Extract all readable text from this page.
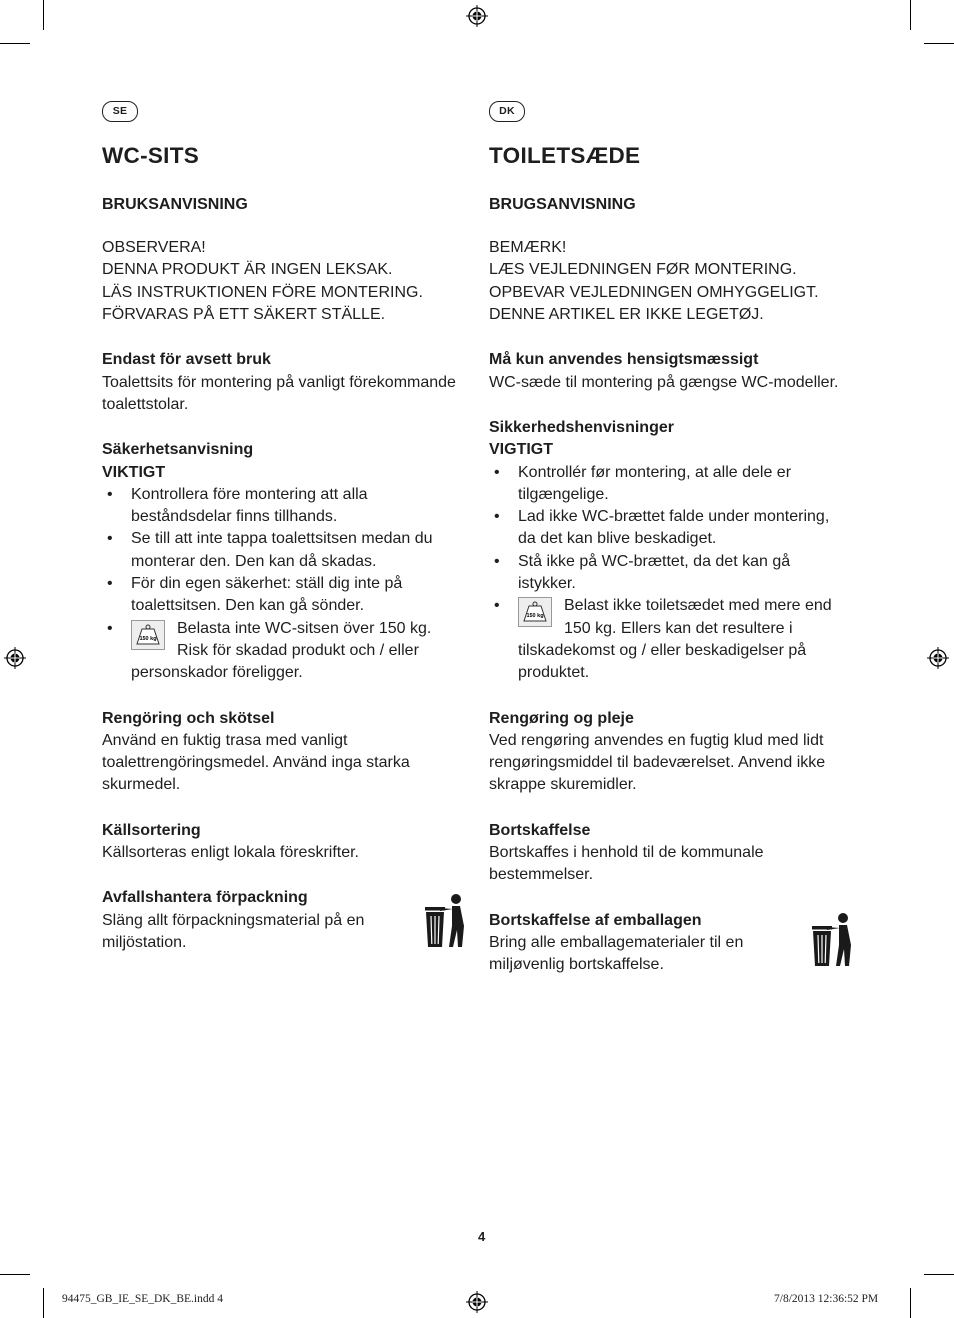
SE
WC-SITS
BRUKSANVISNING
OBSERVERA!
DENNA PRODUKT ÄR INGEN LEKSAK.
LÄS INSTRUKTIONEN FÖRE MONTERING.
FÖRVARAS PÅ ETT SÄKERT STÄLLE.
Endast för avsett bruk

Toalettsits för montering på vanligt förekommande toalettstolar.

Säkerhetsanvisning
VIKTIGT
• Kontrollera före montering att alla beståndsdelar finns tillhands.
• Se till att inte tappa toalettsitsen medan du monterar den. Den kan då skadas.
• För din egen säkerhet: ställ dig inte på toalettsitsen. Den kan gå sönder.
• 150 kg
Belasta inte WC-sitsen över 150 kg. Risk för skadad produkt och / eller personskador föreligger.
Rengöring och skötsel

Använd en fuktig trasa med vanligt toalettrengöringsmedel. Använd inga starka skurmedel.

Källsortering

Källsorteras enligt lokala föreskrifter.

Avfallshantera förpackning

Släng allt förpackningsmaterial på en miljöstation.

DK
TOILETSÆDE
BRUGSANVISNING
BEMÆRK!
LÆS VEJLEDNINGEN FØR MONTERING.
OPBEVAR VEJLEDNINGEN OMHYGGELIGT.
DENNE ARTIKEL ER IKKE LEGETØJ.
Må kun anvendes hensigtsmæssigt

WC-sæde til montering på gængse WC-modeller.

Sikkerhedshenvisninger
VIGTIGT
• Kontrollér før montering, at alle dele er tilgængelige.
• Lad ikke WC-brættet falde under montering, da det kan blive beskadiget.
• Stå ikke på WC-brættet, da det kan gå istykker.
• 150 kg
Belast ikke toiletsædet med mere end 150 kg. Ellers kan det resultere i tilskadekomst og / eller beskadigelser på produktet.
Rengøring og pleje

Ved rengøring anvendes en fugtig klud med lidt rengøringsmiddel til badeværelset. Anvend ikke skrappe skuremidler.

Bortskaffelse

Bortskaffes i henhold til de kommunale bestemmelser.

Bortskaffelse af emballagen

Bring alle emballagematerialer til en miljøvenlig bortskaffelse.

4
94475_GB_IE_SE_DK_BE.indd 4	7/8/2013 12:36:52 PM
